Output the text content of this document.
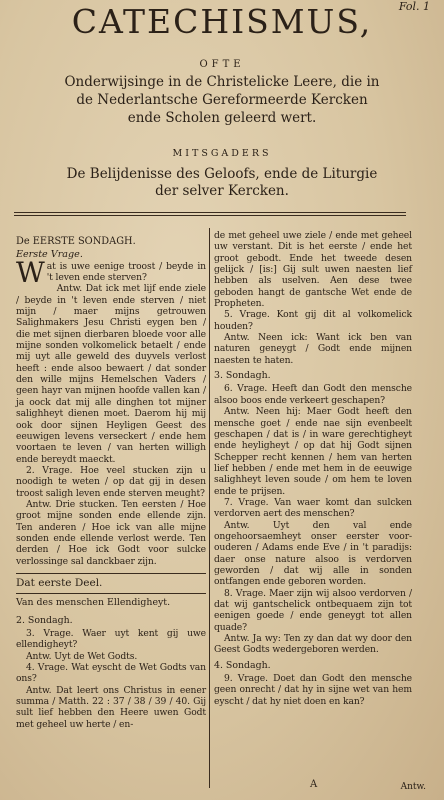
Fol. 1
CATECHISMUS,
OFTE
Onderwijsinge in de Christelicke Leere, die in
de Nederlantsche Gereformeerde Kercken
ende Scholen geleerd wert.
MITSGADERS
De Belijdenisse des Geloofs, ende de Liturgie
der selver Kercken.

De EERSTE SONDAGH.

Eerste Vrage.

Wat is uwe eenige troost / beyde in 't leven ende sterven?

Antw. Dat ick met lijf ende ziele / beyde in 't leven ende sterven / niet mijn / maer mijns getrouwen Salighmakers Jesu Christi eygen ben / die met sijnen dierbaren bloede voor alle mijne sonden volkomelick betaelt / ende mij uyt alle geweld des duyvels verlost heeft : ende alsoo bewaert / dat sonder den wille mijns Hemelschen Vaders / geen hayr van mijnen hoofde vallen kan / ja oock dat mij alle dinghen tot mijner salighheyt dienen moet. Daerom hij mij ook door sijnen Heyligen Geest des eeuwigen levens verseckert / ende hem voortaen te leven / van herten willigh ende bereydt maeckt.

2. Vrage. Hoe veel stucken zijn u noodigh te weten / op dat gij in desen troost saligh leven ende sterven meught?

Antw. Drie stucken. Ten eersten / Hoe groot mijne sonden ende ellende zijn. Ten anderen / Hoe ick van alle mijne sonden ende ellende verlost werde. Ten derden / Hoe ick Godt voor sulcke verlossinge sal danckbaer zijn.

Dat eerste Deel.

Van des menschen Ellendigheyt.

2. Sondagh.

3. Vrage. Waer uyt kent gij uwe ellendigheyt?

Antw. Uyt de Wet Godts.

4. Vrage. Wat eyscht de Wet Godts van ons?

Antw. Dat leert ons Christus in eener summa / Matth. 22 : 37 / 38 / 39 / 40. Gij sult lief hebben den Heere uwen Godt met geheel uw herte / en-

de met geheel uwe ziele / ende met geheel uw verstant. Dit is het eerste / ende het groot gebodt. Ende het tweede desen gelijck / [is:] Gij sult uwen naesten lief hebben als uselven. Aen dese twee geboden hangt de gantsche Wet ende de Propheten.

5. Vrage. Kont gij dit al volkomelick houden?

Antw. Neen ick: Want ick ben van naturen geneygt / Godt ende mijnen naesten te haten.

3. Sondagh.

6. Vrage. Heeft dan Godt den mensche alsoo boos ende verkeert geschapen?

Antw. Neen hij: Maer Godt heeft den mensche goet / ende nae sijn evenbeelt geschapen / dat is / in ware gerechtigheyt ende heyligheyt / op dat hij Godt sijnen Schepper recht kennen / hem van herten lief hebben / ende met hem in de eeuwige salighheyt leven soude / om hem te loven ende te prijsen.

7. Vrage. Van waer komt dan sulcken verdorven aert des menschen?

Antw. Uyt den val ende ongehoorsaemheyt onser eerster voor-ouderen / Adams ende Eve / in 't paradijs: daer onse nature alsoo is verdorven geworden / dat wij alle in sonden ontfangen ende geboren worden.

8. Vrage. Maer zijn wij alsoo verdorven / dat wij gantschelick ontbequaem zijn tot eenigen goede / ende geneygt tot allen quade?

Antw. Ja wy: Ten zy dan dat wy door den Geest Godts wedergeboren werden.

4. Sondagh.

9. Vrage. Doet dan Godt den mensche geen onrecht / dat hy in sijne wet van hem eyscht / dat hy niet doen en kan?

A	Antw.
